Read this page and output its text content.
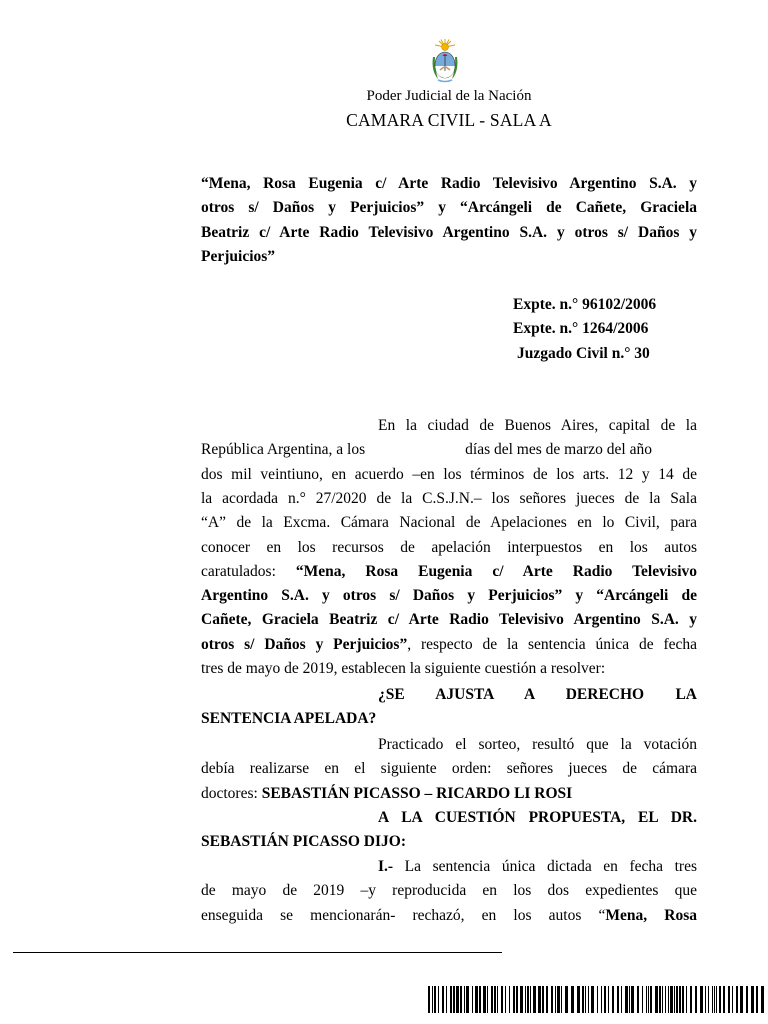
Poder Judicial de la Nación
CAMARA CIVIL - SALA A
“Mena, Rosa Eugenia c/ Arte Radio Televisivo Argentino S.A. y
otros s/ Daños y Perjuicios” y “Arcángeli de Cañete, Graciela
Beatriz c/ Arte Radio Televisivo Argentino S.A. y otros s/ Daños y
Perjuicios”
Expte. n.° 96102/2006
Expte. n.° 1264/2006
Juzgado Civil n.° 30
En la ciudad de Buenos Aires, capital de la
República Argentina, a los	días del mes de marzo del año
dos mil veintiuno, en acuerdo –en los términos de los arts. 12 y 14 de
la acordada n.° 27/2020 de la C.S.J.N.– los señores jueces de la Sala
“A” de la Excma. Cámara Nacional de Apelaciones en lo Civil, para
conocer en los recursos de apelación interpuestos en los autos
caratulados: “Mena, Rosa Eugenia c/ Arte Radio Televisivo
Argentino S.A. y otros s/ Daños y Perjuicios” y “Arcángeli de
Cañete, Graciela Beatriz c/ Arte Radio Televisivo Argentino S.A. y
otros s/ Daños y Perjuicios”, respecto de la sentencia única de fecha
tres de mayo de 2019, establecen la siguiente cuestión a resolver:
¿SE AJUSTA A DERECHO LA
SENTENCIA APELADA?
Practicado el sorteo, resultó que la votación
debía realizarse en el siguiente orden: señores jueces de cámara
doctores: SEBASTIÁN PICASSO – RICARDO LI ROSI
A LA CUESTIÓN PROPUESTA, EL DR.
SEBASTIÁN PICASSO DIJO:
I.- La sentencia única dictada en fecha tres
de mayo de 2019 –y reproducida en los dos expedientes que
enseguida se mencionarán- rechazó, en los autos “Mena, Rosa
